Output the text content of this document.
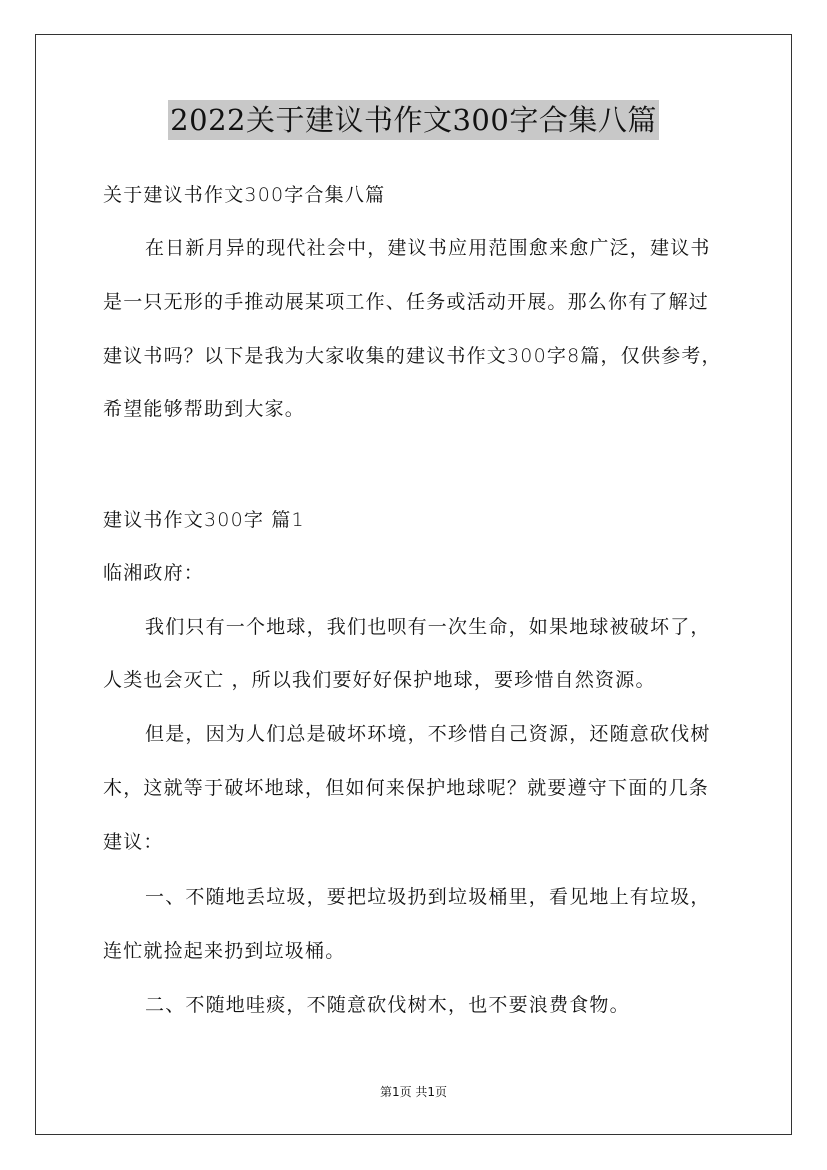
2022关于建议书作文300字合集八篇
关于建议书作文300字合集八篇
在日新月异的现代社会中，建议书应用范围愈来愈广泛，建议书
是一只无形的手推动展某项工作、任务或活动开展。那么你有了解过
建议书吗？以下是我为大家收集的建议书作文300字8篇，仅供参考，
希望能够帮助到大家。
建议书作文300字 篇1
临湘政府：
我们只有一个地球，我们也呗有一次生命，如果地球被破坏了，
人类也会灭亡 ，所以我们要好好保护地球，要珍惜自然资源。
但是，因为人们总是破坏环境，不珍惜自己资源，还随意砍伐树
木，这就等于破坏地球，但如何来保护地球呢？就要遵守下面的几条
建议：
一、不随地丢垃圾，要把垃圾扔到垃圾桶里，看见地上有垃圾，
连忙就捡起来扔到垃圾桶。
二、不随地哇痰，不随意砍伐树木，也不要浪费食物。
第1页 共1页
